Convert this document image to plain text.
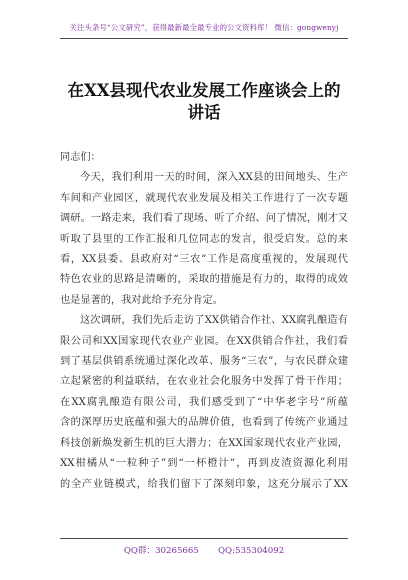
关注头条号“公文研究”，获得最新最全最专业的公文资料库！ 微信：gongwenyj
在XX县现代农业发展工作座谈会上的
讲话

同志们：

今天，我们利用一天的时间，深入XX县的田间地头、生产
车间和产业园区，就现代农业发展及相关工作进行了一次专题
调研。一路走来，我们看了现场、听了介绍、问了情况，刚才又
听取了县里的工作汇报和几位同志的发言，很受启发。总的来
看，XX县委、县政府对“三农”工作是高度重视的，发展现代
特色农业的思路是清晰的，采取的措施是有力的，取得的成效
也是显著的，我对此给予充分肯定。

这次调研，我们先后走访了XX供销合作社、XX腐乳酿造有
限公司和XX国家现代农业产业园。在XX供销合作社，我们看
到了基层供销系统通过深化改革、服务“三农”，与农民群众建
立起紧密的利益联结，在农业社会化服务中发挥了骨干作用；
在XX腐乳酿造有限公司，我们感受到了“中华老字号”所蕴
含的深厚历史底蕴和强大的品牌价值，也看到了传统产业通过
科技创新焕发新生机的巨大潜力；在XX国家现代农业产业园，
XX柑橘从“一粒种子”到“一杯橙汁”，再到皮渣资源化利用
的全产业链模式，给我们留下了深刻印象，这充分展示了XX

QQ群：30265665 QQ:535304092
